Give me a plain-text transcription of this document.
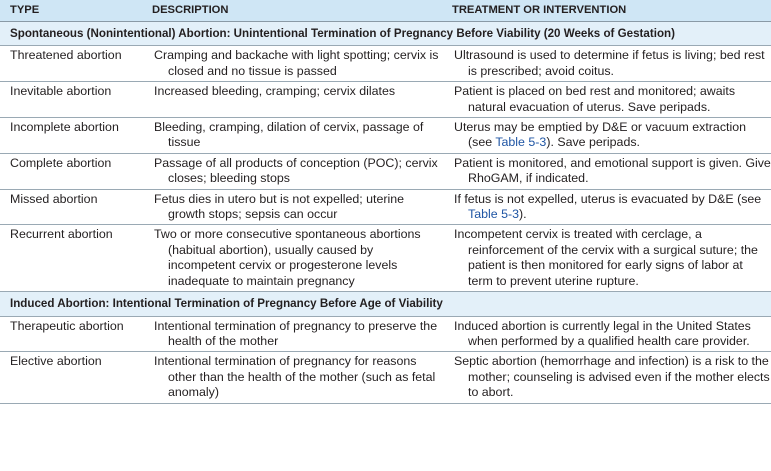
TYPE	DESCRIPTION	TREATMENT OR INTERVENTION
Spontaneous (Nonintentional) Abortion: Unintentional Termination of Pregnancy Before Viability (20 Weeks of Gestation)		
Threatened abortion	Cramping and backache with light spotting; cervix is closed and no tissue is passed	Ultrasound is used to determine if fetus is living; bed rest is prescribed; avoid coitus.

Inevitable abortion	Increased bleeding, cramping; cervix dilates	Patient is placed on bed rest and monitored; awaits natural evacuation of uterus. Save peripads.

Incomplete abortion	Bleeding, cramping, dilation of cervix, passage of tissue	Uterus may be emptied by D&E or vacuum extraction (see Table 5-3). Save peripads.

Complete abortion	Passage of all products of conception (POC); cervix closes; bleeding stops	Patient is monitored, and emotional support is given. Give RhoGAM, if indicated.

Missed abortion	Fetus dies in utero but is not expelled; uterine growth stops; sepsis can occur	If fetus is not expelled, uterus is evacuated by D&E (see Table 5-3).

Recurrent abortion	Two or more consecutive spontaneous abortions (habitual abortion), usually caused by incompetent cervix or progesterone levels inadequate to maintain pregnancy	Incompetent cervix is treated with cerclage, a reinforcement of the cervix with a surgical suture; the patient is then monitored for early signs of labor at term to prevent uterine rupture.

Induced Abortion: Intentional Termination of Pregnancy Before Age of Viability		
Therapeutic abortion	Intentional termination of pregnancy to preserve the health of the mother	Induced abortion is currently legal in the United States when performed by a qualified health care provider.

Elective abortion	Intentional termination of pregnancy for reasons other than the health of the mother (such as fetal anomaly)	Septic abortion (hemorrhage and infection) is a risk to the mother; counseling is advised even if the mother elects to abort.
